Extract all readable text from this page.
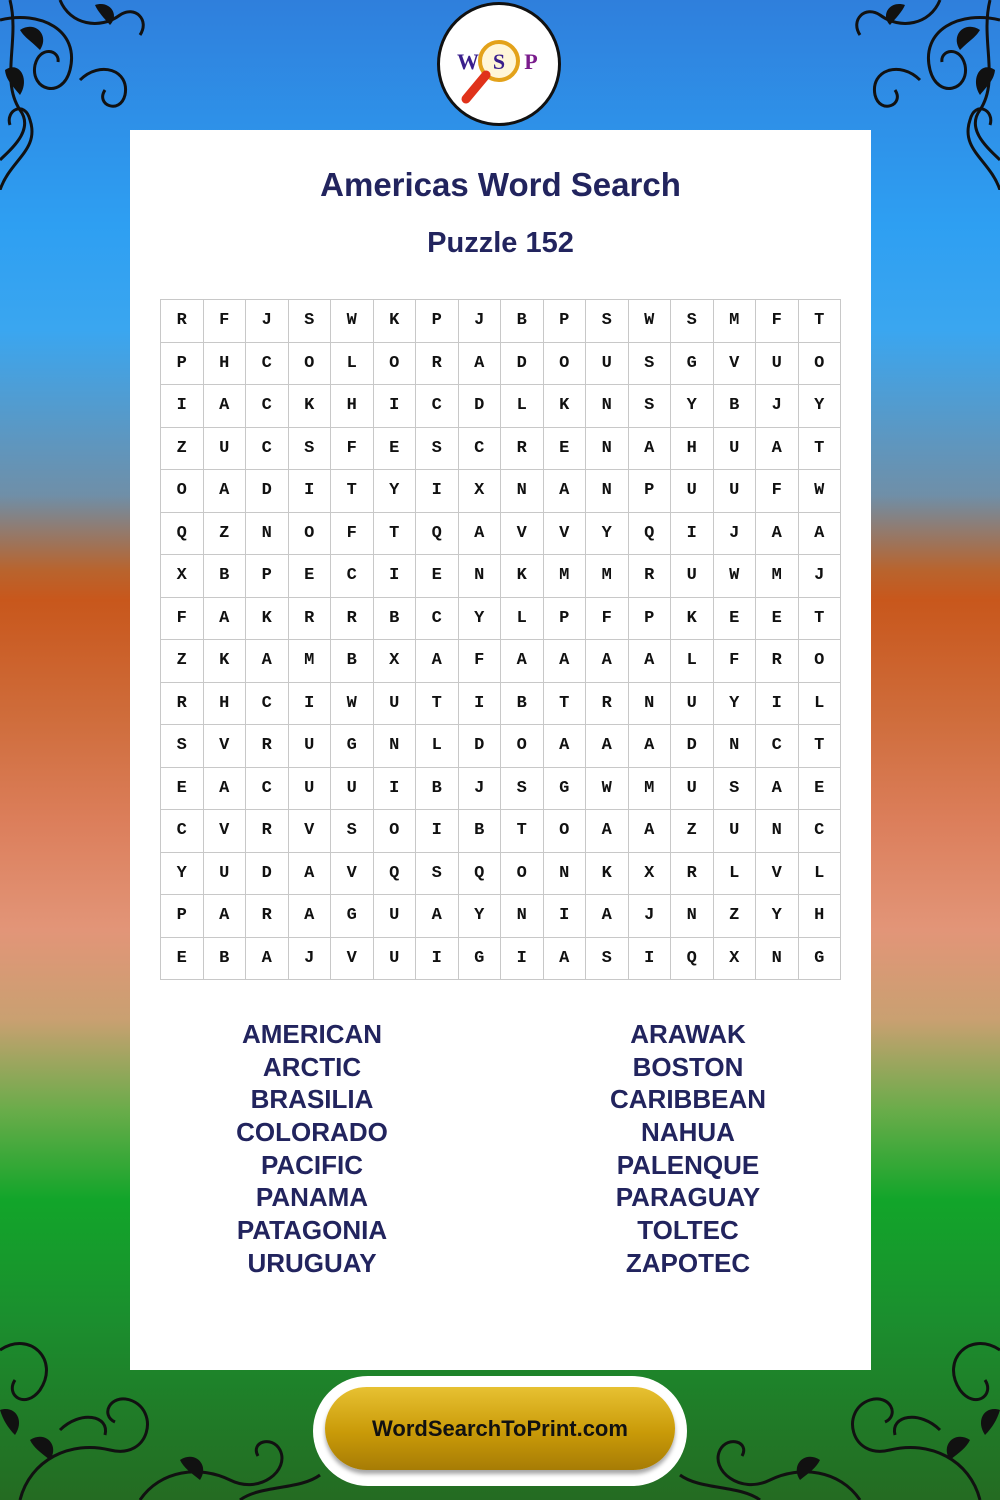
W S P
Americas Word Search
Puzzle 152
R	F	J	S	W	K	P	J	B	P	S	W	S	M	F	T
P	H	C	O	L	O	R	A	D	O	U	S	G	V	U	O
I	A	C	K	H	I	C	D	L	K	N	S	Y	B	J	Y
Z	U	C	S	F	E	S	C	R	E	N	A	H	U	A	T
O	A	D	I	T	Y	I	X	N	A	N	P	U	U	F	W
Q	Z	N	O	F	T	Q	A	V	V	Y	Q	I	J	A	A
X	B	P	E	C	I	E	N	K	M	M	R	U	W	M	J
F	A	K	R	R	B	C	Y	L	P	F	P	K	E	E	T
Z	K	A	M	B	X	A	F	A	A	A	A	L	F	R	O
R	H	C	I	W	U	T	I	B	T	R	N	U	Y	I	L
S	V	R	U	G	N	L	D	O	A	A	A	D	N	C	T
E	A	C	U	U	I	B	J	S	G	W	M	U	S	A	E
C	V	R	V	S	O	I	B	T	O	A	A	Z	U	N	C
Y	U	D	A	V	Q	S	Q	O	N	K	X	R	L	V	L
P	A	R	A	G	U	A	Y	N	I	A	J	N	Z	Y	H
E	B	A	J	V	U	I	G	I	A	S	I	Q	X	N	G
AMERICAN
ARCTIC
BRASILIA
COLORADO
PACIFIC
PANAMA
PATAGONIA
URUGUAY
ARAWAK
BOSTON
CARIBBEAN
NAHUA
PALENQUE
PARAGUAY
TOLTEC
ZAPOTEC
WordSearchToPrint.com
